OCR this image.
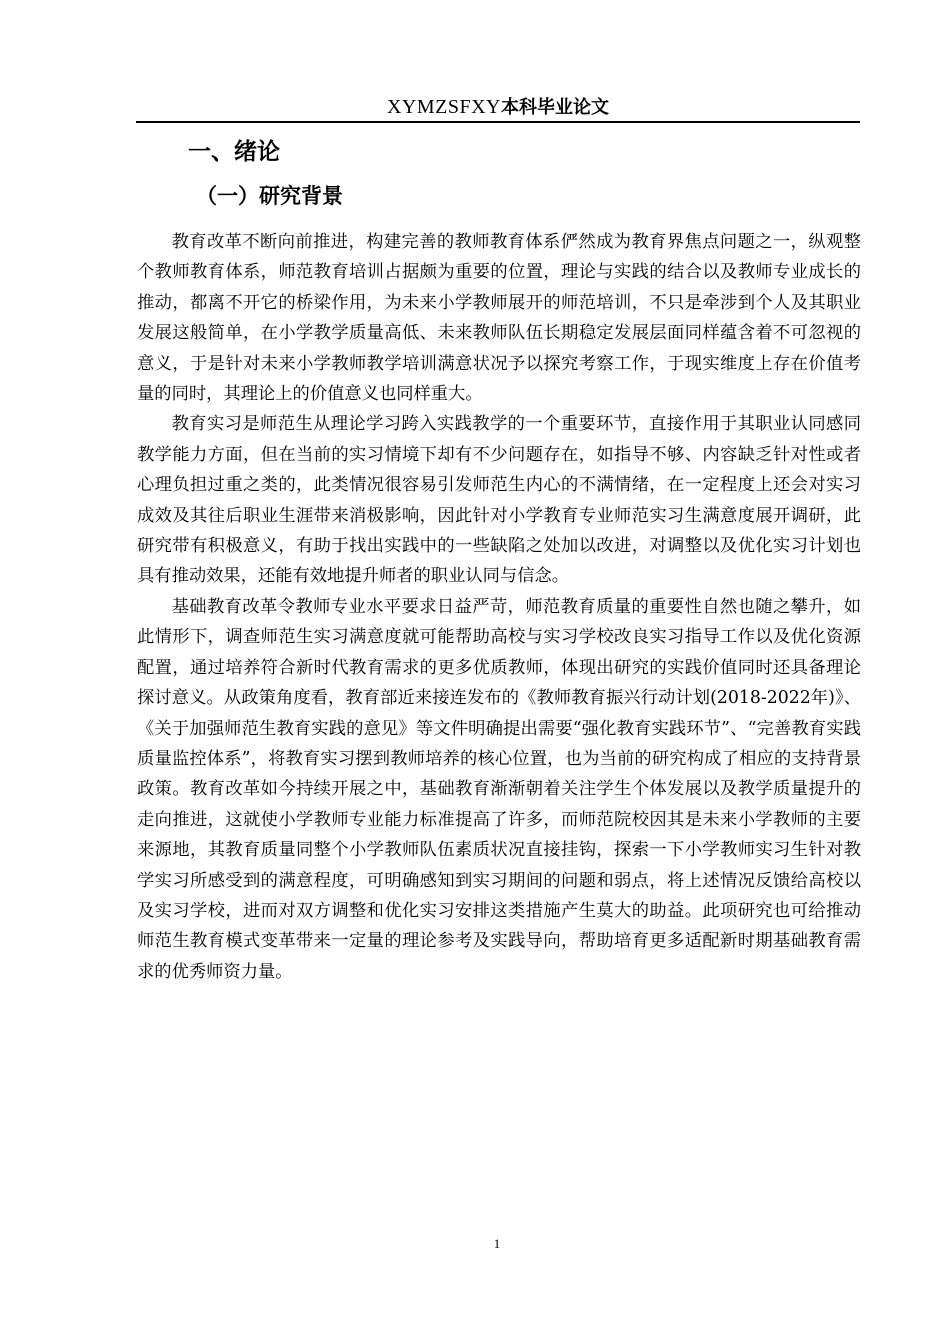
XYMZSFXY本科毕业论文
一、绪论
（一）研究背景

教育改革不断向前推进，构建完善的教师教育体系俨然成为教育界焦点问题之一，纵观整个教师教育体系，师范教育培训占据颇为重要的位置，理论与实践的结合以及教师专业成长的推动，都离不开它的桥梁作用，为未来小学教师展开的师范培训，不只是牵涉到个人及其职业发展这般简单，在小学教学质量高低、未来教师队伍长期稳定发展层面同样蕴含着不可忽视的意义，于是针对未来小学教师教学培训满意状况予以探究考察工作，于现实维度上存在价值考量的同时，其理论上的价值意义也同样重大。

教育实习是师范生从理论学习跨入实践教学的一个重要环节，直接作用于其职业认同感同教学能力方面，但在当前的实习情境下却有不少问题存在，如指导不够、内容缺乏针对性或者心理负担过重之类的，此类情况很容易引发师范生内心的不满情绪，在一定程度上还会对实习成效及其往后职业生涯带来消极影响，因此针对小学教育专业师范实习生满意度展开调研，此研究带有积极意义，有助于找出实践中的一些缺陷之处加以改进，对调整以及优化实习计划也具有推动效果，还能有效地提升师者的职业认同与信念。

基础教育改革令教师专业水平要求日益严苛，师范教育质量的重要性自然也随之攀升，如此情形下，调查师范生实习满意度就可能帮助高校与实习学校改良实习指导工作以及优化资源配置，通过培养符合新时代教育需求的更多优质教师，体现出研究的实践价值同时还具备理论探讨意义。从政策角度看，教育部近来接连发布的《教师教育振兴行动计划(2018-2022年)》、《关于加强师范生教育实践的意见》等文件明确提出需要“强化教育实践环节”、“完善教育实践质量监控体系”，将教育实习摆到教师培养的核心位置，也为当前的研究构成了相应的支持背景政策。教育改革如今持续开展之中，基础教育渐渐朝着关注学生个体发展以及教学质量提升的走向推进，这就使小学教师专业能力标准提高了许多，而师范院校因其是未来小学教师的主要来源地，其教育质量同整个小学教师队伍素质状况直接挂钩，探索一下小学教师实习生针对教学实习所感受到的满意程度，可明确感知到实习期间的问题和弱点，将上述情况反馈给高校以及实习学校，进而对双方调整和优化实习安排这类措施产生莫大的助益。此项研究也可给推动师范生教育模式变革带来一定量的理论参考及实践导向，帮助培育更多适配新时期基础教育需求的优秀师资力量。

1
